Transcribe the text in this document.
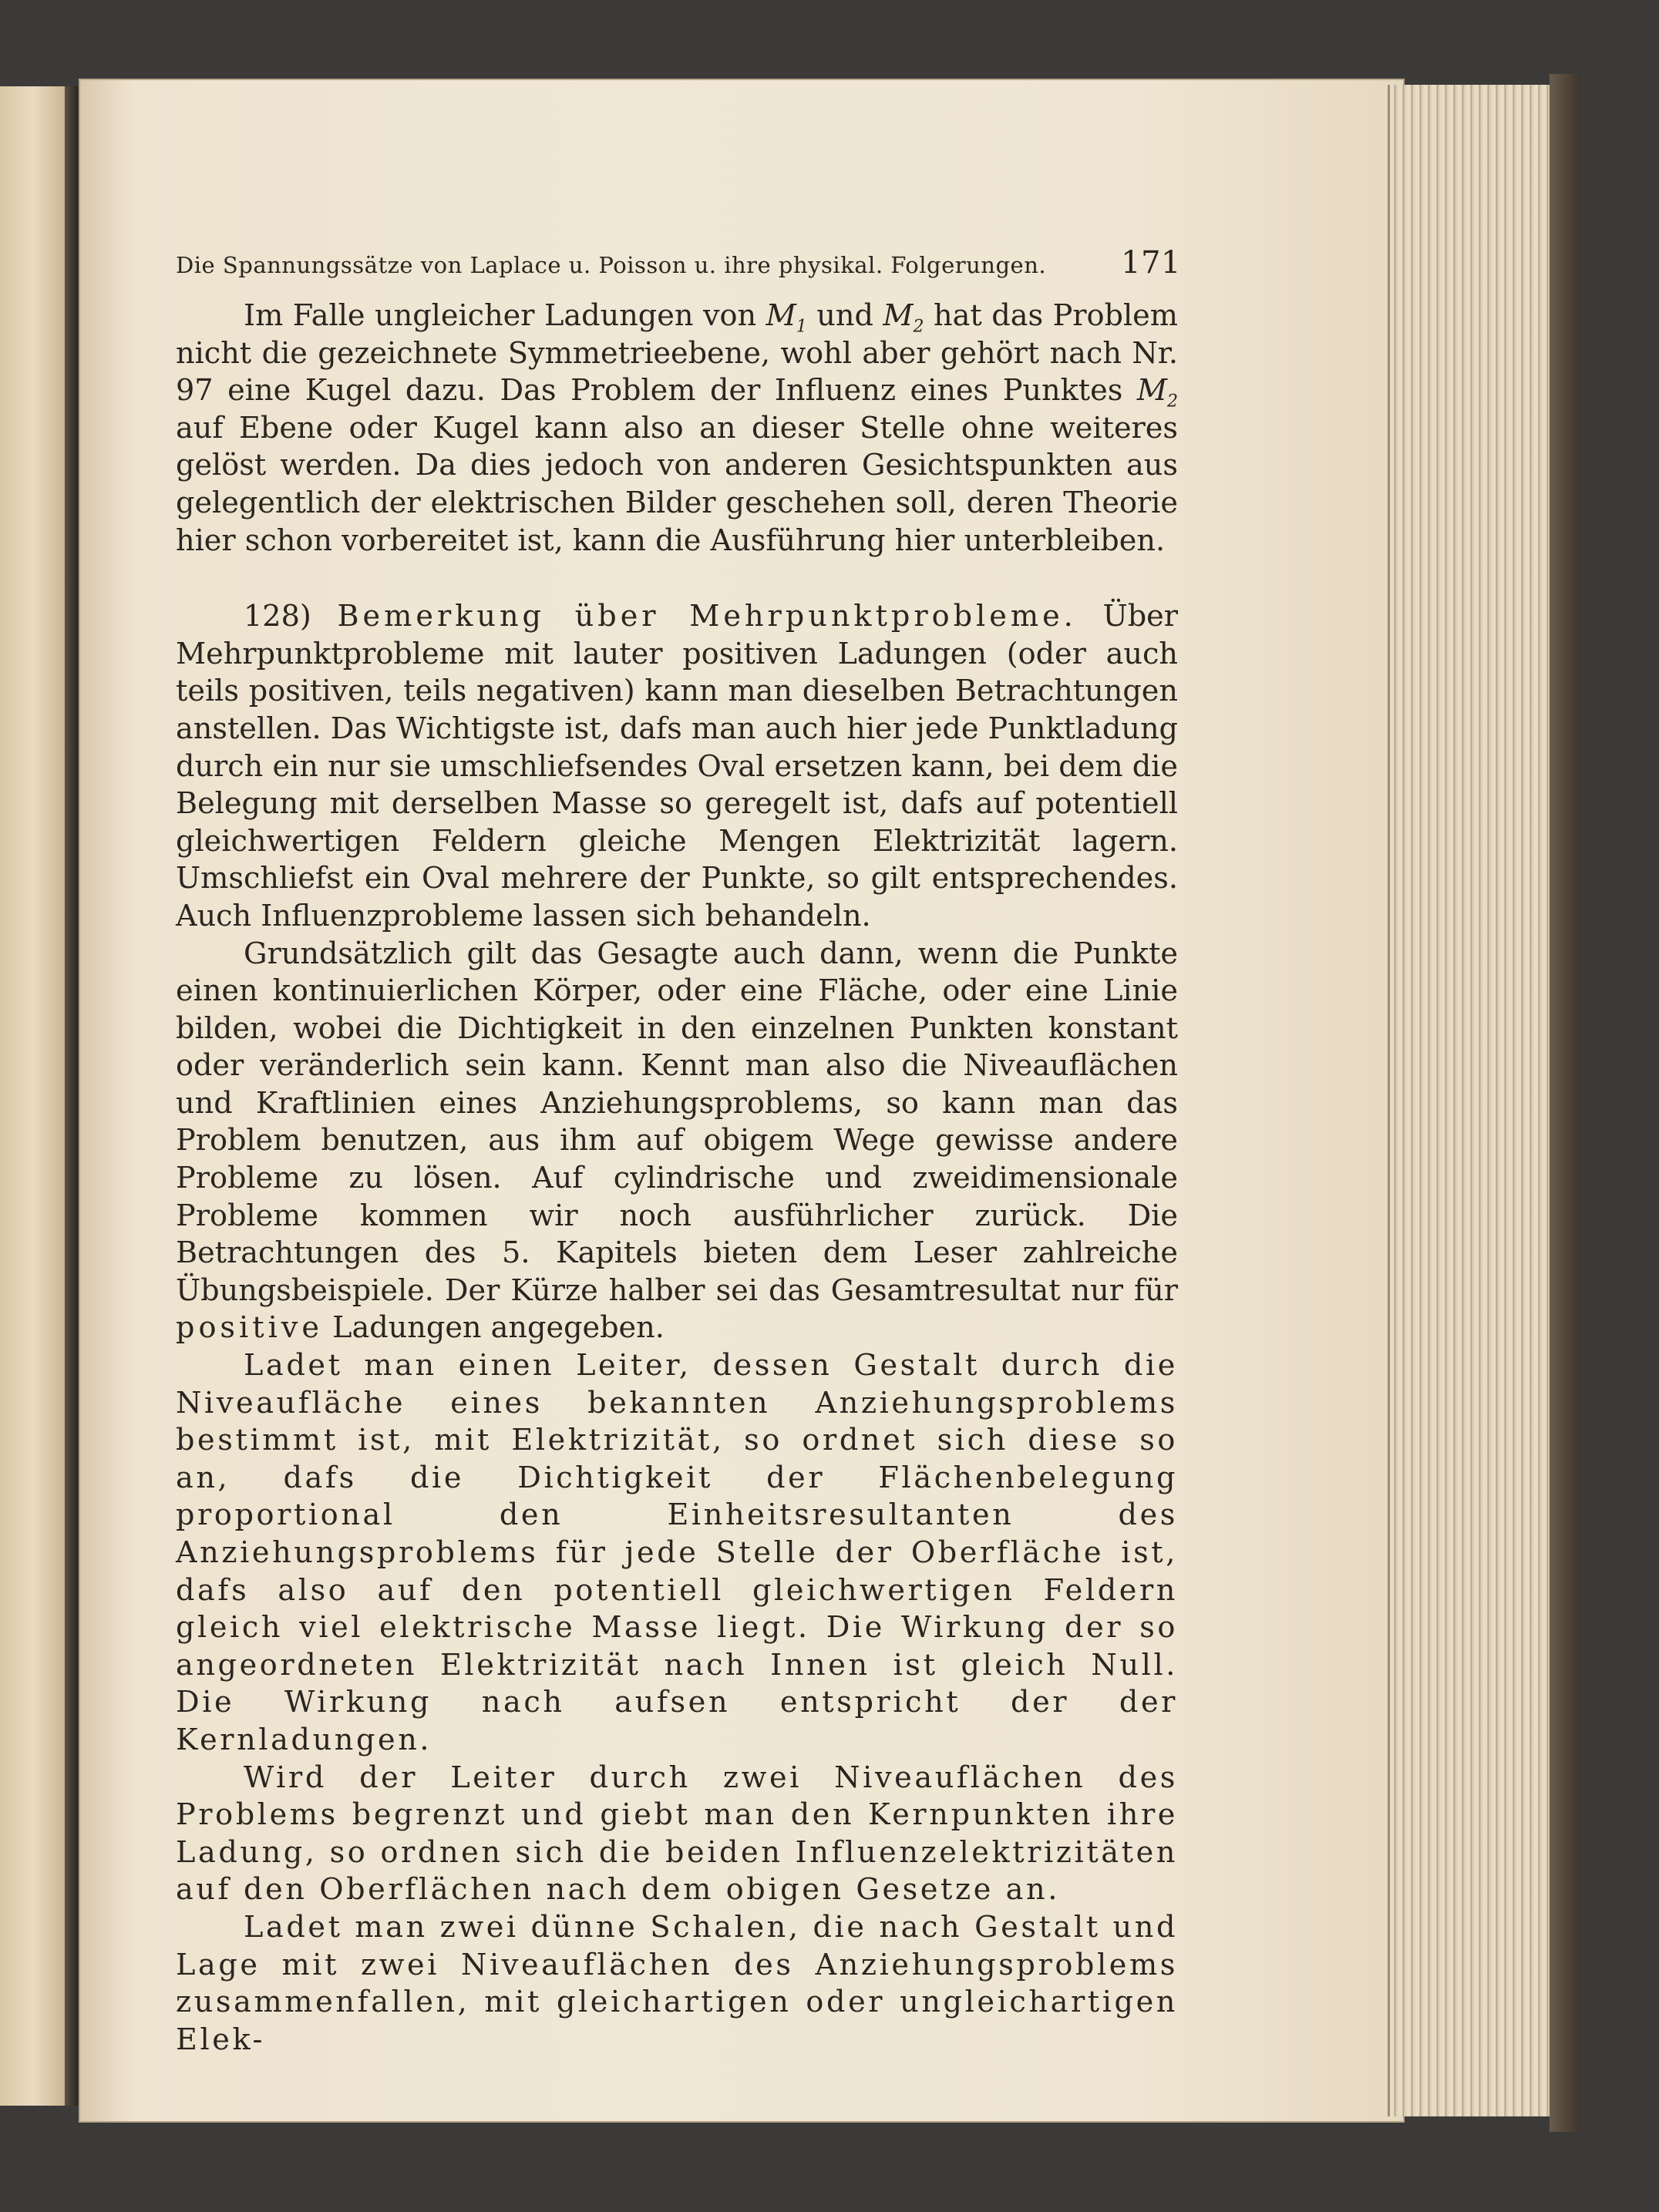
Die Spannungssätze von Laplace u. Poisson u. ihre physikal. Folgerungen. 171

Im Falle ungleicher Ladungen von $M_1$ und $M_2$ hat das Problem nicht die gezeichnete Symmetrieebene, wohl aber gehört nach Nr. 97 eine Kugel dazu. Das Problem der Influenz eines Punktes $M_2$ auf Ebene oder Kugel kann also an dieser Stelle ohne weiteres gelöst werden. Da dies jedoch von anderen Gesichtspunkten aus gelegentlich der elektrischen Bilder geschehen soll, deren Theorie hier schon vorbereitet ist, kann die Ausführung hier unterbleiben.

128) Bemerkung über Mehrpunktprobleme. Über Mehrpunktprobleme mit lauter positiven Ladungen (oder auch teils positiven, teils negativen) kann man dieselben Betrachtungen anstellen. Das Wichtigste ist, dafs man auch hier jede Punktladung durch ein nur sie umschliefsendes Oval ersetzen kann, bei dem die Belegung mit derselben Masse so geregelt ist, dafs auf potentiell gleichwertigen Feldern gleiche Mengen Elektrizität lagern. Umschliefst ein Oval mehrere der Punkte, so gilt entsprechendes. Auch Influenzprobleme lassen sich behandeln.

Grundsätzlich gilt das Gesagte auch dann, wenn die Punkte einen kontinuierlichen Körper, oder eine Fläche, oder eine Linie bilden, wobei die Dichtigkeit in den einzelnen Punkten konstant oder veränderlich sein kann. Kennt man also die Niveauflächen und Kraftlinien eines Anziehungsproblems, so kann man das Problem benutzen, aus ihm auf obigem Wege gewisse andere Probleme zu lösen. Auf cylindrische und zweidimensionale Probleme kommen wir noch ausführlicher zurück. Die Betrachtungen des 5. Kapitels bieten dem Leser zahlreiche Übungsbeispiele. Der Kürze halber sei das Gesamtresultat nur für positive Ladungen angegeben.

Ladet man einen Leiter, dessen Gestalt durch die Niveaufläche eines bekannten Anziehungsproblems bestimmt ist, mit Elektrizität, so ordnet sich diese so an, dafs die Dichtigkeit der Flächenbelegung proportional den Einheitsresultanten des Anziehungsproblems für jede Stelle der Oberfläche ist, dafs also auf den potentiell gleichwertigen Feldern gleich viel elektrische Masse liegt. Die Wirkung der so angeordneten Elektrizität nach Innen ist gleich Null. Die Wirkung nach aufsen entspricht der der Kernladungen.

Wird der Leiter durch zwei Niveauflächen des Problems begrenzt und giebt man den Kernpunkten ihre Ladung, so ordnen sich die beiden Influenzelektrizitäten auf den Oberflächen nach dem obigen Gesetze an.

Ladet man zwei dünne Schalen, die nach Gestalt und Lage mit zwei Niveauflächen des Anziehungsproblems zusammenfallen, mit gleichartigen oder ungleichartigen Elek-
